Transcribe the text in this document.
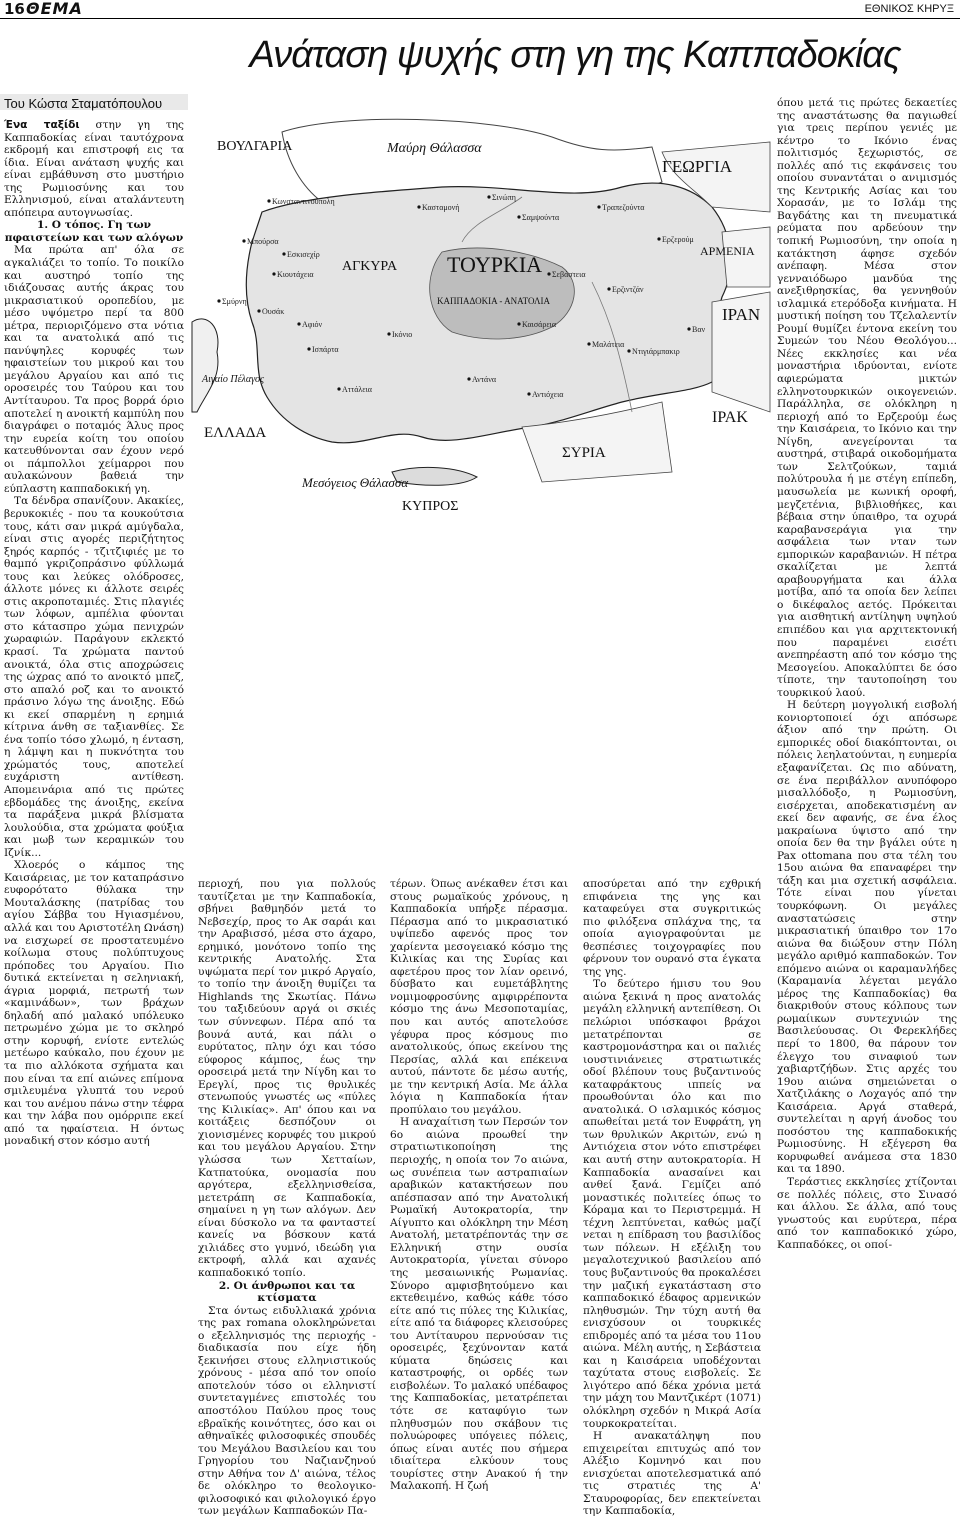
16 ΘΕΜΑ	ΕΘΝΙΚΟΣ ΚΗΡΥΞ
Ανάταση ψυχής στη γη της Καππαδοκίας
Του Κώστα Σταματόπουλου

Ένα ταξίδι στην γη της Καππαδοκίας είναι ταυτόχρονα εκδρομή και επιστροφή εις τα ίδια. Είναι ανάταση ψυχής και είναι εμβάθυνση στο μυστήριο της Ρωμιοσύνης και του Ελληνισμού, είναι αταλάντευτη απόπειρα αυτογνωσίας.

1. Ο τόπος. Γη των πφαιστείων και των αλόγων

Μα πρώτα απ' όλα σε αγκαλιάζει το τοπίο. Το ποικίλο και αυστηρό τοπίο της ιδιάζουσας αυτής άκρας του μικρασιατικού οροπεδίου, με μέσο υψόμετρο περί τα 800 μέτρα, περιοριζόμενο στα νότια και τα ανατολικά από τις πανύψηλες κορυφές των ηφαιστείων του μικρού και του μεγάλου Αργαίου και από τις οροσειρές του Ταύρου και του Αντίταυρου. Τα προς βορρά όριο αποτελεί η ανοικτή καμπύλη που διαγράφει ο ποταμός Άλυς προς την ευρεία κοίτη του οποίου κατευθύνονται σαν έχουν νερό οι πάμπολλοι χείμαρροι που αυλακώνουν βαθειά την εύπλαστη καππαδοκική γη.

Τα δένδρα σπανίζουν. Ακακίες, βερυκοκιές - που τα κουκούτσια τους, κάτι σαν μικρά αμύγδαλα, είναι στις αγορές περιζήτητος ξηρός καρπός - τζιτζιφιές με το θαμπό γκριζοπράσινο φύλλωμά τους και λεύκες ολόδροσες, άλλοτε μόνες κι άλλοτε σειρές στις ακροποταμιές. Στις πλαγιές των λόφων, αμπέλια φύονται στο κάτασπρο χώμα πενιχρών χωραφιών. Παράγουν εκλεκτό κρασί. Τα χρώματα παντού ανοικτά, όλα στις αποχρώσεις της ώχρας από το ανοικτό μπεζ, στο απαλό ροζ και το ανοικτό πράσινο λόγω της άνοιξης. Εδώ κι εκεί σπαρμένη η ερημιά κίτρινα άνθη σε ταξιανθίες. Σε ένα τοπίο τόσο χλωμό, η ένταση, η λάμψη και η πυκνότητα του χρώματός τους, αποτελεί ευχάριστη αντίθεση. Απομεινάρια από τις πρώτες εβδομάδες της άνοιξης, εκείνα τα παράξενα μικρά βλίσματα λουλούδια, στα χρώματα φούξια και μωβ των κεραμικών του Ιζνίκ...

Χλοερός ο κάμπος της Καισάρειας, με τον καταπράσινο ευφορότατο θύλακα την Μουταλάσκης (πατρίδας του αγίου Σάββα του Ηγιασμένου, αλλά και του Αριστοτέλη Ωνάση) να εισχωρεί σε προστατευμένο κοίλωμα στους πολύπτυχους πρόποδες του Αργαίου. Πιο δυτικά εκτείνεται η σεληνιακή, άγρια μορφιά, πετρωτή των «καμινάδων», των βράχων δηλαδή από μαλακό υπόλευκο πετρωμένο χώμα με το σκληρό στην κορυφή, ενίοτε εντελώς μετέωρο καύκαλο, που έχουν με τα πιο αλλόκοτα σχήματα και που είναι τα επί αιώνες επίμονα σμιλευμένα γλυπτά του νερού και του ανέμου πάνω στην τέφρα και την λάβα που ομόρριπε εκεί από τα ηφαίστεια. Η όντως μοναδική στον κόσμο αυτή

ΒΟΥΛΓΑΡΙΑ
ΓΕΩΡΓΙΑ
ΑΡΜΕΝΙΑ
ΙΡΑΝ
ΙΡΑΚ
ΣΥΡΙΑ
ΕΛΛΑΔΑ
ΚΥΠΡΟΣ
Μαύρη Θάλασσα
Μεσόγειος Θάλασσα
Αιγαίο Πέλαγος
ΤΟΥΡΚΙΑ
ΑΓΚΥΡΑ
ΚΑΠΠΑΔΟΚΙΑ - ΑΝΑΤΟΛΙΑ
Κωνσταντινούπολη
Κασταμονή
Σινώπη
Σαμψούντα
Τραπεζούντα
Ερζερούμ
Μπούρσα
Εσκισεχίρ
Κιουτάχεια
Σμύρνη
Ουσάκ
Αφιόν
Ισπάρτα
Αττάλεια
Ικόνιο
Καισάρεια
Σεβάστεια
Μαλάτεια
Ντιγιάρμπακιρ
Αντάνα
Αντιόχεια
Ερζιντζάν
Βαν

περιοχή, που για πολλούς ταυτίζεται με την Καππαδοκία, σβήνει βαθμηδόν μετά το Νεβσεχίρ, προς το Ακ σαράι και την Αραβισσό, μέσα στο άχαρο, ερημικό, μονότονο τοπίο της κεντρικής Ανατολής. Στα υψώματα περί τον μικρό Αργαίο, το τοπίο την άνοιξη θυμίζει τα Highlands της Σκωτίας. Πάνω του ταξιδεύουν αργά οι σκιές των σύννεφων. Πέρα από τα βουνά αυτά, και πάλι ο ευρύτατος, πλην όχι και τόσο εύφορος κάμπος, έως την οροσειρά μετά την Νίγδη και το Ερεγλί, προς τις θρυλικές στενωπούς γνωστές ως «πύλες της Κιλικίας». Απ' όπου και να κοιτάξεις δεσπόζουν οι χιονισμένες κορυφές του μικρού και του μεγάλου Αργαίου. Στην γλώσσα των Χετταίων, Κατπατούκα, ονομασία που αργότερα, εξελληνισθείσα, μετετράπη σε Καππαδοκία, σημαίνει η γη των αλόγων. Δεν είναι δύσκολο να τα φανταστεί κανείς να βόσκουν κατά χιλιάδες στο γυμνό, ιδεώδη για εκτροφή, αλλά και αχανές καππαδοκικό τοπίο.

2. Οι άνθρωποι και τα κτίσματα

Στα όντως ειδυλλιακά χρόνια της pax romana ολοκληρώνεται ο εξελληνισμός της περιοχής - διαδικασία που είχε ήδη ξεκινήσει στους ελληνιστικούς χρόνους - μέσα από τον οποίο αποτελούν τόσο οι ελληνιστί συντεταγμένες επιστολές του αποστόλου Παύλου προς τους εβραϊκής κοινότητες, όσο και οι αθηναϊκές φιλοσοφικές σπουδές του Μεγάλου Βασιλείου και του Γρηγορίου του Ναζιανζηνού στην Αθήνα τον Δ' αιώνα, τέλος δε ολόκληρο το θεολογικο-φιλοσοφικό και φιλολογικό έργο των μεγάλων Καππαδοκών Πα-

τέρων. Όπως ανέκαθεν έτσι και στους ρωμαϊκούς χρόνους, η Καππαδοκία υπήρξε πέρασμα. Πέρασμα από το μικρασιατικό υψίπεδο αφενός προς τον χαρίεντα μεσογειακό κόσμο της Κιλικίας και της Συρίας και αφετέρου προς τον λίαν ορεινό, δύσβατο και ευμετάβλητης νομιμοφροσύνης αμφιρρέποντα κόσμο της άνω Μεσοποταμίας, που και αυτός αποτελούσε γέφυρα προς κόσμους πιο ανατολικούς, όπως εκείνου της Περσίας, αλλά και επέκεινα αυτού, πάντοτε δε μέσω αυτής, με την κεντρική Ασία. Με άλλα λόγια η Καππαδοκία ήταν προπύλαιο του μεγάλου.

Η αναχαίτιση των Περσών τον 6ο αιώνα προωθεί την στρατιωτικοποίηση της περιοχής, η οποία τον 7ο αιώνα, ως συνέπεια των αστραπιαίων αραβικών κατακτήσεων που απέσπασαν από την Ανατολική Ρωμαϊκή Αυτοκρατορία, την Αίγυπτο και ολόκληρη την Μέση Ανατολή, μετατρέποντάς την σε Ελληνική στην ουσία Αυτοκρατορία, γίνεται σύνορο της μεσαιωνικής Ρωμανίας. Σύνορο αμφισβητούμενο και εκτεθειμένο, καθώς κάθε τόσο είτε από τις πύλες της Κιλικίας, είτε από τα διάφορες κλεισούρες του Αντίταυρου περνούσαν τις οροσειρές, ξεχύνονταν κατά κύματα δηώσεις και καταστροφής, οι ορδές των εισβολέων. Το μαλακό υπέδαφος της Καππαδοκίας, μετατρέπεται τότε σε καταφύγιο των πληθυσμών που σκάβουν τις πολυώροφες υπόγειες πόλεις, όπως είναι αυτές που σήμερα ιδιαίτερα ελκύουν τους τουρίστες στην Ανακού ή την Μαλακοπή. Η ζωή

αποσύρεται από την εχθρική επιφάνεια της γης και καταφεύγει στα συγκριτικώς πιο φιλόξενα σπλάχνα της, τα οποία αγιογραφούνται με θεσπέσιες τοιχογραφίες που φέρνουν τον ουρανό στα έγκατα της γης.

Το δεύτερο ήμισυ του 9ου αιώνα ξεκινά η προς ανατολάς μεγάλη ελληνική αντεπίθεση. Οι πελώριοι υπόσκαφοι βράχοι μετατρέπονται σε καστρομονάστηρα και οι παλιές ιουστινιάνειες στρατιωτικές οδοί βλέπουν τους βυζαντινούς καταφράκτους ιππείς να προωθούνται όλο και πιο ανατολικά. Ο ισλαμικός κόσμος απωθείται μετά τον Ευφράτη, γη των θρυλικών Ακριτών, ενώ η Αντιόχεια στον νότο επιστρέφει και αυτή στην αυτοκρατορία. Η Καππαδοκία ανασαίνει και ανθεί ξανά. Γεμίζει από μοναστικές πολιτείες όπως το Κόραμα και το Περιστρεμμά. Η τέχνη λεπτύνεται, καθώς μαζί νεται η επίδραση του βασιλίδος των πόλεων. Η εξέλιξη του μεγαλοτεχνικού βασιλείου από τους βυζαντινούς θα προκαλέσει την μαζική εγκατάσταση στο καππαδοκικό έδαφος αρμενικών πληθυσμών. Την τύχη αυτή θα ενισχύσουν οι τουρκικές επιδρομές από τα μέσα του 11ου αιώνα. Μέλη αυτής, η Σεβάστεια και η Καισάρεια υποδέχονται ταχύτατα στους εισβολείς. Σε λιγότερο από δέκα χρόνια μετά την μάχη του Μαντζικέρτ (1071) ολόκληρη σχεδόν η Μικρά Ασία τουρκοκρατείται.

Η ανακατάληψη που επιχειρείται επιτυχώς από τον Αλέξιο Κομνηνό και που ενισχύεται αποτελεσματικά από τις στρατιές της Α' Σταυροφορίας, δεν επεκτείνεται την Καππαδοκία,

όπου μετά τις πρώτες δεκαετίες της αναστάτωσης θα παγιωθεί για τρεις περίπου γενιές με κέντρο το Ικόνιο ένας πολιτισμός ξεχωριστός, σε πολλές από τις εκφάνσεις του οποίου συναντάται ο ανιμισμός της Κεντρικής Ασίας και του Χορασάν, με το Ισλάμ της Βαγδάτης και τη πνευματικά ρεύματα που αρδεύουν την τοπική Ρωμιοσύνη, την οποία η κατάκτηση άφησε σχεδόν ανέπαφη. Μέσα στον γενναιόδωρο μανδύα της ανεξιθρησκίας, θα γεννηθούν ισλαμικά ετερόδοξα κινήματα. Η μυστική ποίηση του Τζελαλεντίν Ρουμί θυμίζει έντονα εκείνη του Συμεών του Νέου Θεολόγου... Νέες εκκλησίες και νέα μοναστήρια ιδρύονται, ενίοτε αφιερώματα μικτών ελληνοτουρκικών οικογενειών. Παράλληλα, σε ολόκληρη η περιοχή από το Ερζερούμ έως την Καισάρεια, το Ικόνιο και την Νίγδη, ανεγείρονται τα αυστηρά, στιβαρά οικοδομήματα των Σελτζούκων, ταμιά πολύτρουλα ή με στέγη επίπεδη, μαυσωλεία με κωνική οροφή, μεγζετένια, βιβλιοθήκες, και βέβαια στην ύπαιθρο, τα οχυρά καραβανσεράγια για την ασφάλεια των νταν των εμπορικών καραβανιών. Η πέτρα σκαλίζεται με λεπτά αραβουργήματα και άλλα μοτίβα, από τα οποία δεν λείπει ο δικέφαλος αετός. Πρόκειται για αισθητική αντίληψη υψηλού επιπέδου και για αρχιτεκτονική που παραμένει εισέτι ανεπηρέαστη από τον κόσμο της Μεσογείου. Αποκαλύπτει δε όσο τίποτε, την ταυτοποίηση του τουρκικού λαού.

Η δεύτερη μογγολική εισβολή κονιορτοποιεί όχι απόσωρε άξιον από την πρώτη. Οι εμπορικές οδοί διακόπτονται, οι πόλεις λεηλατούνται, η ευημερία εξαφανίζεται. Ως πιο αδύνατη, σε ένα περιβάλλον ανυπόφορο μισαλλόδοξο, η Ρωμιοσύνη, εισέρχεται, αποδεκατισμένη αν εκεί δεν αφανής, σε ένα έλος μακραίωνα ύψιστο από την οποία δεν θα την βγάλει ούτε η Pax ottomana που στα τέλη του 15ου αιώνα θα επαναφέρει την τάξη και μια σχετική ασφάλεια. Τότε είναι που γίνεται τουρκόφωνη. Οι μεγάλες αναστατώσεις στην μικρασιατική ύπαιθρο τον 17ο αιώνα θα διώξουν στην Πόλη μεγάλο αριθμό καππαδοκών. Τον επόμενο αιώνα οι καραμανλήδες (Καραμανία λέγεται μεγάλο μέρος της Καππαδοκίας) θα διακριθούν στους κόλπους των ρωμαίικων συντεχνιών της Βασιλεύουσας. Οι Φερεκλήδες περί το 1800, θα πάρουν τον έλεγχο του σιναφιού των χαβιαρτζήδων. Στις αρχές του 19ου αιώνα σημειώνεται ο Χατζιλάκης ο Λοχαγός από την Καισάρεια. Αργά σταθερά, συντελείται η αργή άνοδος του ποσόστου της καππαδοκικής Ρωμιοσύνης. Η εξέγερση θα κορυφωθεί ανάμεσα στα 1830 και τα 1890.

Τεράστιες εκκλησίες χτίζονται σε πολλές πόλεις, στο Σινασό και άλλου. Σε άλλα, από τους γνωστούς και ευρύτερα, πέρα από τον καππαδοκικό χώρο, Καππαδόκες, οι οποί-
